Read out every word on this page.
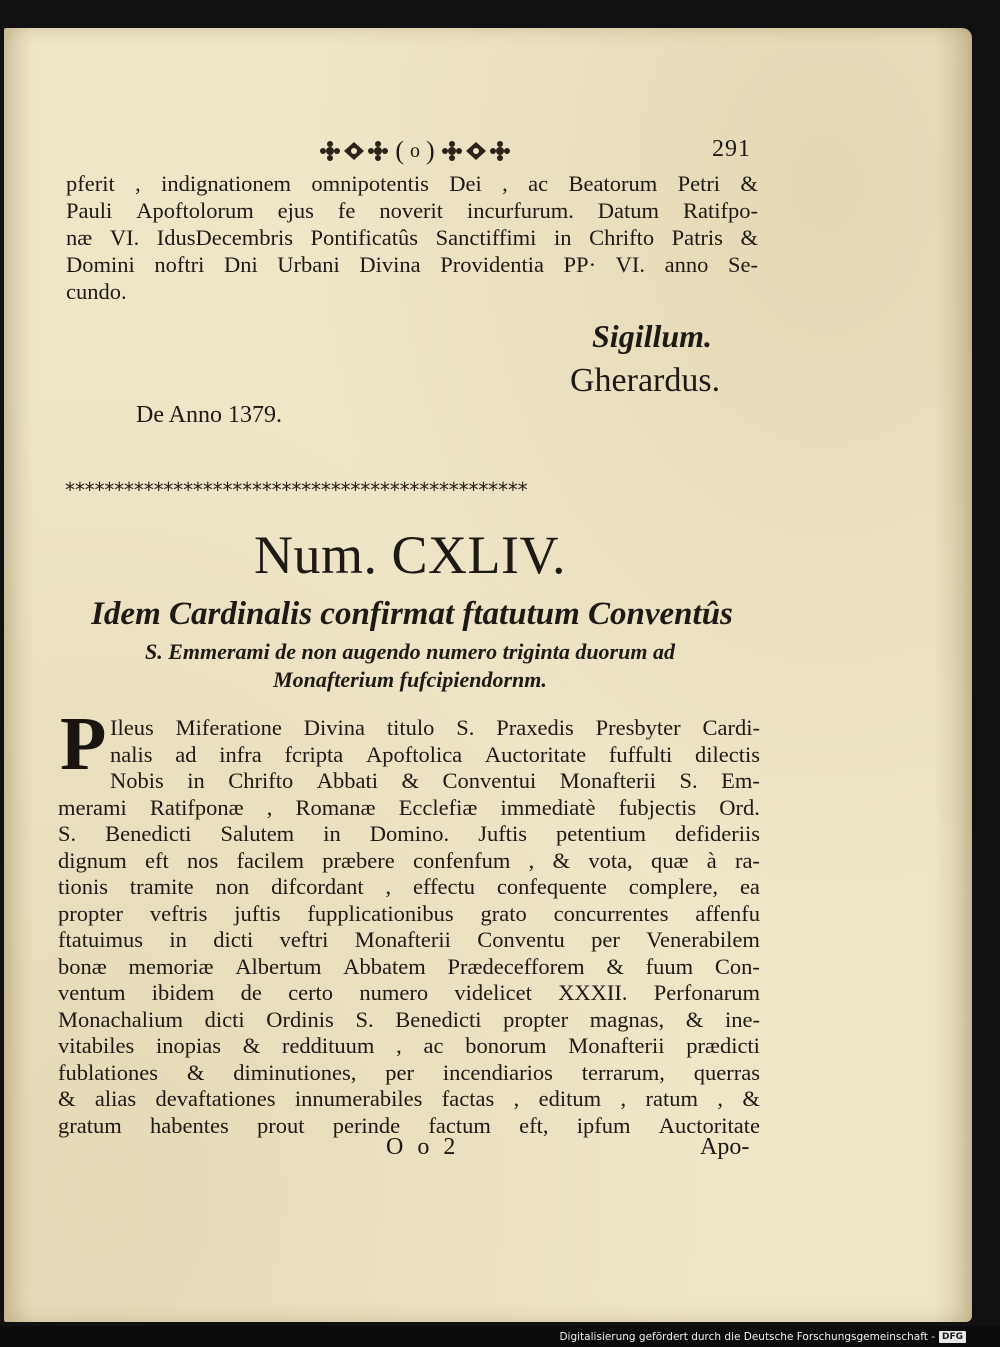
( o )	291
pferit , indignationem omnipotentis Dei , ac Beatorum Petri &
Pauli Apoftolorum ejus fe noverit incurfurum. Datum Ratifpo-
næ VI. IdusDecembris Pontificatûs Sanctiffimi in Chrifto Patris &
Domini noftri Dni Urbani Divina Providentia PP· VI. anno Se-
cundo.
Sigillum.
Gherardus.
De Anno 1379.
***********************************************
Num. CXLIV.
Idem Cardinalis confirmat ftatutum Conventûs
S. Emmerami de non augendo numero triginta duorum ad
Monafterium fufcipiendornm.
P Ileus Miferatione Divina titulo S. Praxedis Presbyter Cardi-
nalis ad infra fcripta Apoftolica Auctoritate fuffulti dilectis
Nobis in Chrifto Abbati & Conventui Monafterii S. Em-
merami Ratifponæ , Romanæ Ecclefiæ immediatè fubjectis Ord.
S. Benedicti Salutem in Domino. Juftis petentium defideriis
dignum eft nos facilem præbere confenfum , & vota, quæ à ra-
tionis tramite non difcordant , effectu confequente complere, ea
propter veftris juftis fupplicationibus grato concurrentes affenfu
ftatuimus in dicti veftri Monafterii Conventu per Venerabilem
bonæ memoriæ Albertum Abbatem Prædecefforem & fuum Con-
ventum ibidem de certo numero videlicet XXXII. Perfonarum
Monachalium dicti Ordinis S. Benedicti propter magnas, & ine-
vitabiles inopias & reddituum , ac bonorum Monafterii prædicti
fublationes & diminutiones, per incendiarios terrarum, querras
& alias devaftationes innumerabiles factas , editum , ratum , &
gratum habentes prout perinde factum eft, ipfum Auctoritate
O o 2	Apo-
Digitalisierung gefördert durch die Deutsche Forschungsgemeinschaft - DFG
